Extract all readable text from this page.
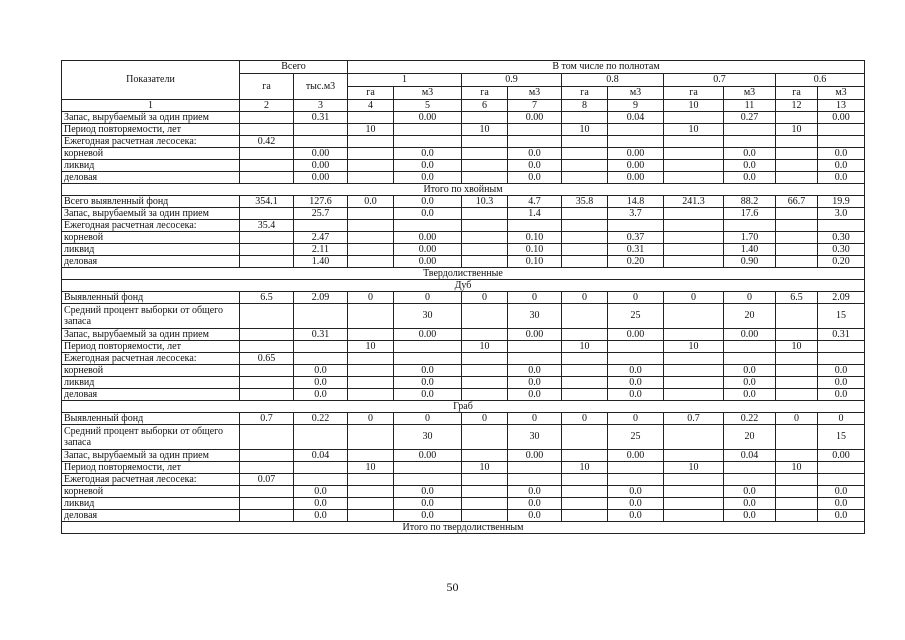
Показатели	Всего		В том числе по полнотам									
	га	тыс.м3	1		0.9		0.8		0.7		0.6	
			га	м3	га	м3	га	м3	га	м3	га	м3
1	2	3	4	5	6	7	8	9	10	11	12	13
Запас, вырубаемый за один прием		0.31		0.00		0.00		0.04		0.27		0.00
Период повторяемости, лет			10		10		10		10		10	
Ежегодная расчетная лесосека:	0.42											
корневой		0.00		0.0		0.0		0.00		0.0		0.0
ликвид		0.00		0.0		0.0		0.00		0.0		0.0
деловая		0.00		0.0		0.0		0.00		0.0		0.0
Итого по хвойным												
Всего выявленный фонд	354.1	127.6	0.0	0.0	10.3	4.7	35.8	14.8	241.3	88.2	66.7	19.9
Запас, вырубаемый за один прием		25.7		0.0		1.4		3.7		17.6		3.0
Ежегодная расчетная лесосека:	35.4											
корневой		2.47		0.00		0.10		0.37		1.70		0.30
ликвид		2.11		0.00		0.10		0.31		1.40		0.30
деловая		1.40		0.00		0.10		0.20		0.90		0.20
Твердолиственные												
Дуб												
Выявленный фонд	6.5	2.09	0	0	0	0	0	0	0	0	6.5	2.09
Средний процент выборки от общего запаса				30		30		25		20		15
Запас, вырубаемый за один прием		0.31		0.00		0.00		0.00		0.00		0.31
Период повторяемости, лет			10		10		10		10		10	
Ежегодная расчетная лесосека:	0.65											
корневой		0.0		0.0		0.0		0.0		0.0		0.0
ликвид		0.0		0.0		0.0		0.0		0.0		0.0
деловая		0.0		0.0		0.0		0.0		0.0		0.0
Граб												
Выявленный фонд	0.7	0.22	0	0	0	0	0	0	0.7	0.22	0	0
Средний процент выборки от общего запаса				30		30		25		20		15
Запас, вырубаемый за один прием		0.04		0.00		0.00		0.00		0.04		0.00
Период повторяемости, лет			10		10		10		10		10	
Ежегодная расчетная лесосека:	0.07											
корневой		0.0		0.0		0.0		0.0		0.0		0.0
ликвид		0.0		0.0		0.0		0.0		0.0		0.0
деловая		0.0		0.0		0.0		0.0		0.0		0.0
Итого по твердолиственным												
50
